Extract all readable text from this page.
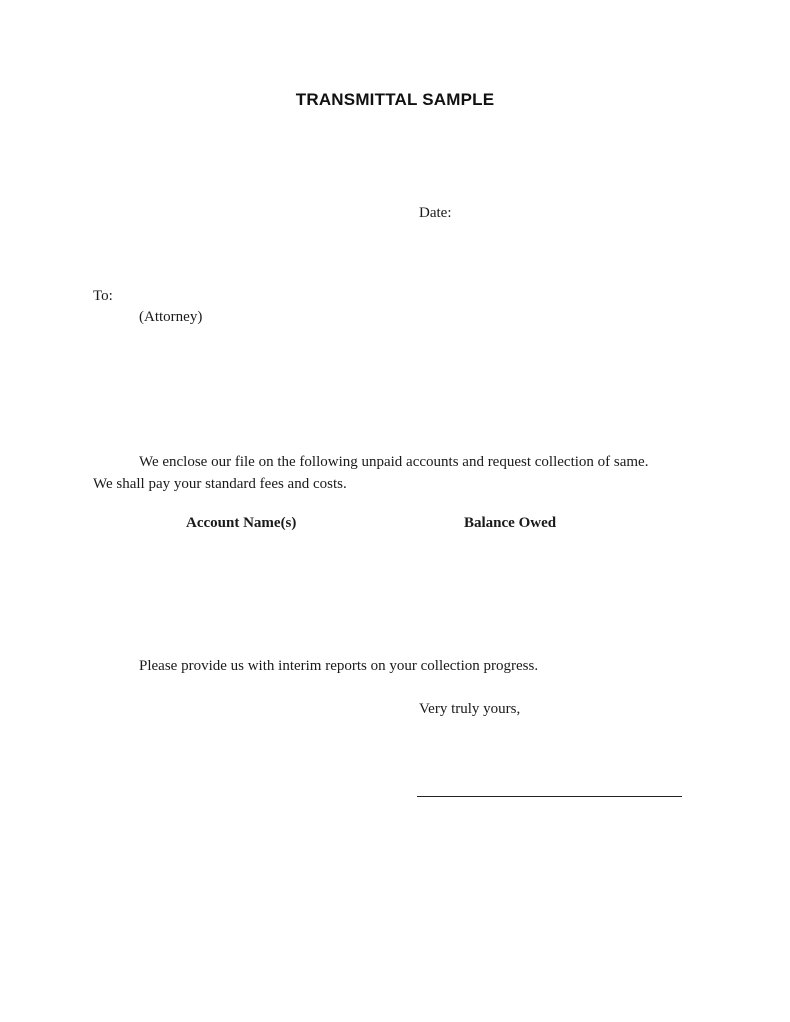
TRANSMITTAL SAMPLE
Date:
To:
(Attorney)
We enclose our file on the following unpaid accounts and request collection of same.
We shall pay your standard fees and costs.
Account Name(s)	Balance Owed
Please provide us with interim reports on your collection progress.
Very truly yours,
